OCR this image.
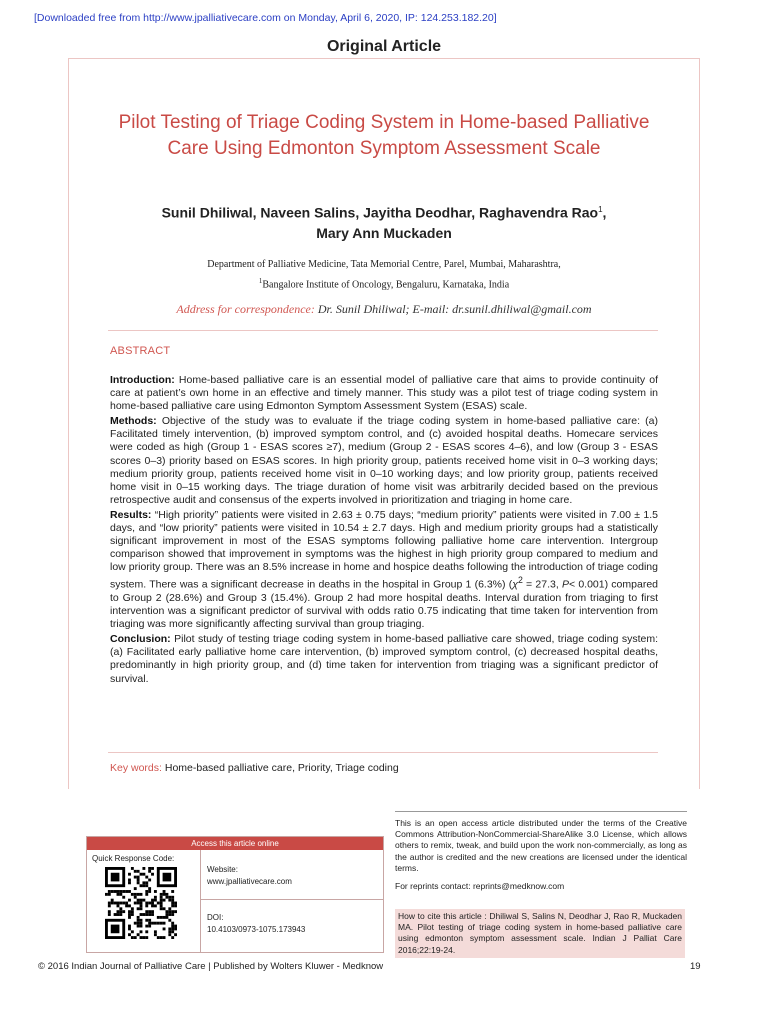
[Downloaded free from http://www.jpalliativecare.com on Monday, April 6, 2020, IP: 124.253.182.20]
Original Article
Pilot Testing of Triage Coding System in Home-based Palliative Care Using Edmonton Symptom Assessment Scale
Sunil Dhiliwal, Naveen Salins, Jayitha Deodhar, Raghavendra Rao$^1$,
Mary Ann Muckaden
Department of Palliative Medicine, Tata Memorial Centre, Parel, Mumbai, Maharashtra,
$^1$Bangalore Institute of Oncology, Bengaluru, Karnataka, India
Address for correspondence: Dr. Sunil Dhiliwal; E-mail: dr.sunil.dhiliwal@gmail.com
ABSTRACT

Introduction: Home-based palliative care is an essential model of palliative care that aims to provide continuity of care at patient’s own home in an effective and timely manner. This study was a pilot test of triage coding system in home-based palliative care using Edmonton Symptom Assessment System (ESAS) scale.

Methods: Objective of the study was to evaluate if the triage coding system in home-based palliative care: (a) Facilitated timely intervention, (b) improved symptom control, and (c) avoided hospital deaths. Homecare services were coded as high (Group 1 - ESAS scores ≥7), medium (Group 2 - ESAS scores 4–6), and low (Group 3 - ESAS scores 0–3) priority based on ESAS scores. In high priority group, patients received home visit in 0–3 working days; medium priority group, patients received home visit in 0–10 working days; and low priority group, patients received home visit in 0–15 working days. The triage duration of home visit was arbitrarily decided based on the previous retrospective audit and consensus of the experts involved in prioritization and triaging in home care.

Results: “High priority” patients were visited in 2.63 ± 0.75 days; “medium priority” patients were visited in 7.00 ± 1.5 days, and “low priority” patients were visited in 10.54 ± 2.7 days. High and medium priority groups had a statistically significant improvement in most of the ESAS symptoms following palliative home care intervention. Intergroup comparison showed that improvement in symptoms was the highest in high priority group compared to medium and low priority group. There was an 8.5% increase in home and hospice deaths following the introduction of triage coding system. There was a significant decrease in deaths in the hospital in Group 1 (6.3%) ($\chi^2 = 27.3$, P< 0.001) compared to Group 2 (28.6%) and Group 3 (15.4%). Group 2 had more hospital deaths. Interval duration from triaging to first intervention was a significant predictor of survival with odds ratio 0.75 indicating that time taken for intervention from triaging was more significantly affecting survival than group triaging.

Conclusion: Pilot study of testing triage coding system in home-based palliative care showed, triage coding system: (a) Facilitated early palliative home care intervention, (b) improved symptom control, (c) decreased hospital deaths, predominantly in high priority group, and (d) time taken for intervention from triaging was a significant predictor of survival.

Key words: Home-based palliative care, Priority, Triage coding
Access this article online
Quick Response Code:
Website:
www.jpalliativecare.com
DOI:
10.4103/0973-1075.173943
This is an open access article distributed under the terms of the Creative Commons Attribution-NonCommercial-ShareAlike 3.0 License, which allows others to remix, tweak, and build upon the work non-commercially, as long as the author is credited and the new creations are licensed under the identical terms.
For reprints contact: reprints@medknow.com
How to cite this article : Dhiliwal S, Salins N, Deodhar J, Rao R, Muckaden MA. Pilot testing of triage coding system in home-based palliative care using edmonton symptom assessment scale. Indian J Palliat Care 2016;22:19-24.
© 2016 Indian Journal of Palliative Care | Published by Wolters Kluwer - Medknow	19
